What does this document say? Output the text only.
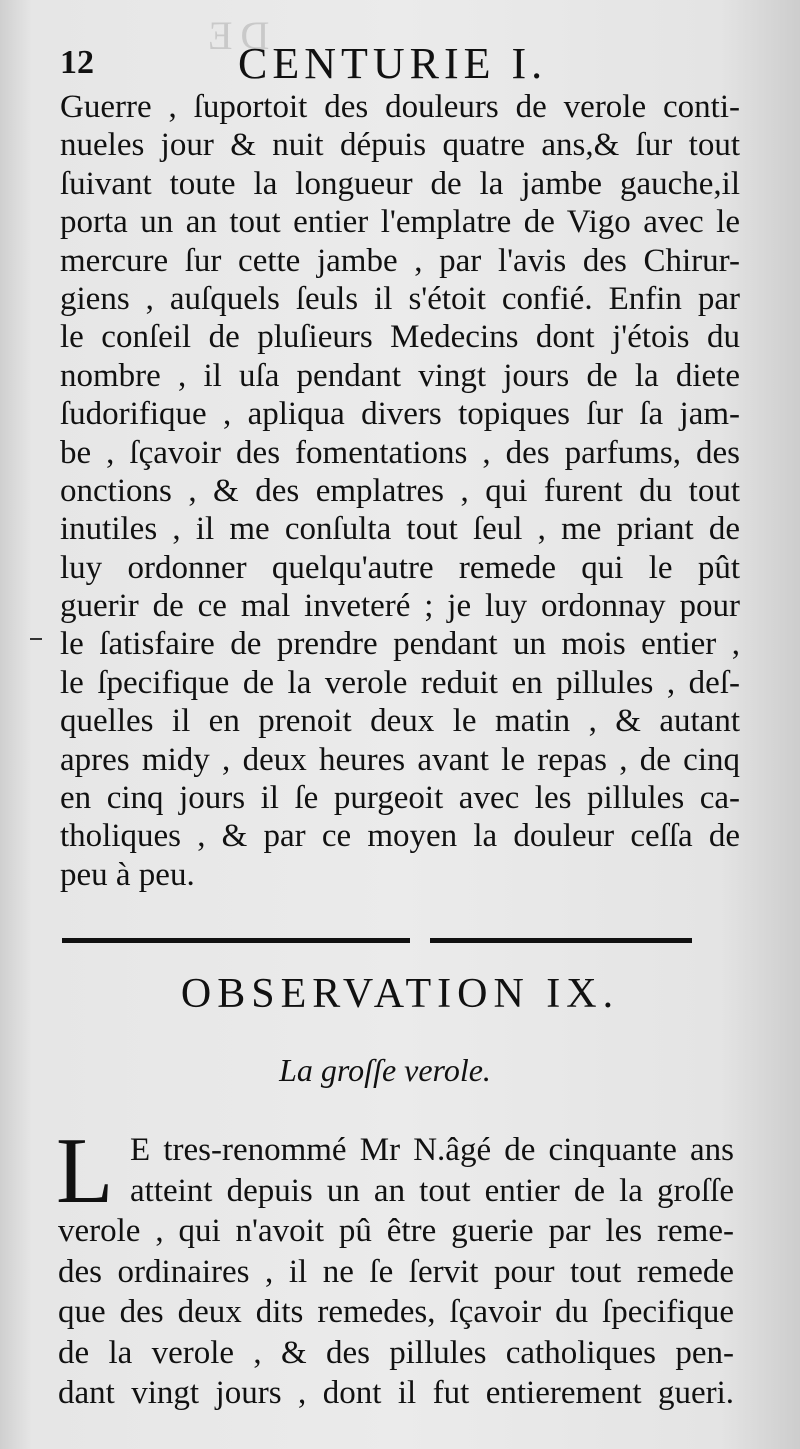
DE
12	CENTURIE I.
Guerre , ſuportoit des douleurs de verole conti-
nueles jour & nuit dépuis quatre ans,& ſur tout
ſuivant toute la longueur de la jambe gauche,il
porta un an tout entier l'emplatre de Vigo avec le
mercure ſur cette jambe , par l'avis des Chirur-
giens , auſquels ſeuls il s'étoit confié. Enfin par
le conſeil de pluſieurs Medecins dont j'étois du
nombre , il uſa pendant vingt jours de la diete
ſudorifique , apliqua divers topiques ſur ſa jam-
be , ſçavoir des fomentations , des parfums, des
onctions , & des emplatres , qui furent du tout
inutiles , il me conſulta tout ſeul , me priant de
luy ordonner quelqu'autre remede qui le pût
guerir de ce mal inveteré ; je luy ordonnay pour
le ſatisfaire de prendre pendant un mois entier ,
le ſpecifique de la verole reduit en pillules , deſ-
quelles il en prenoit deux le matin , & autant
apres midy , deux heures avant le repas , de cinq
en cinq jours il ſe purgeoit avec les pillules ca-
tholiques , & par ce moyen la douleur ceſſa de
peu à peu.
OBSERVATION IX.
La groſſe verole.
L E tres-renommé Mr N.âgé de cinquante ans
atteint depuis un an tout entier de la groſſe
verole , qui n'avoit pû être guerie par les reme-
des ordinaires , il ne ſe ſervit pour tout remede
que des deux dits remedes, ſçavoir du ſpecifique
de la verole , & des pillules catholiques pen-
dant vingt jours , dont il fut entierement gueri.
